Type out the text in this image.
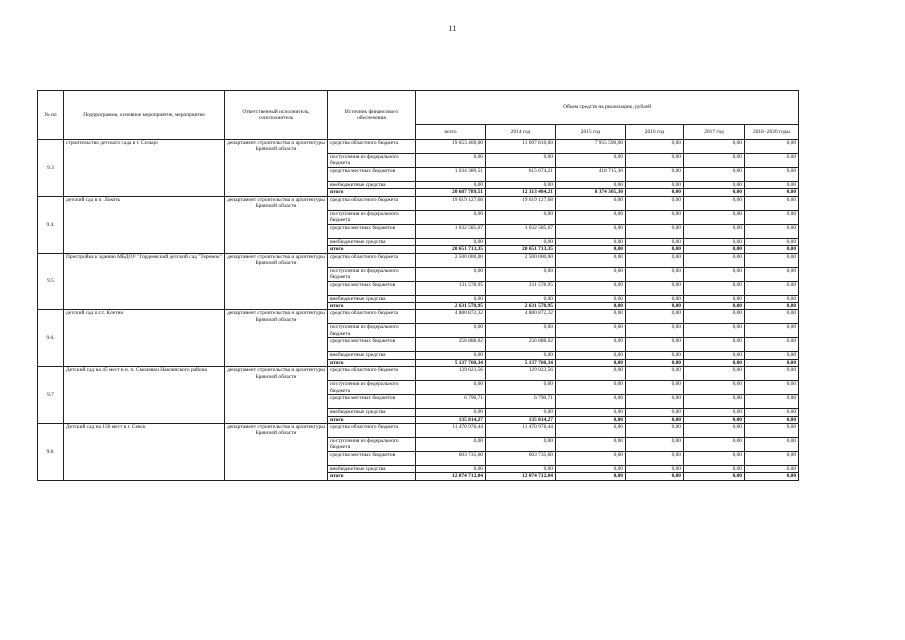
11
№ пп	Подпрограмма, основное мероприятие, мероприятие	Ответственный исполнитель, соисполнитель	Источник финансового обеспечения	Объем средств на реализацию, рублей					
				всего	2014 год	2015 год	2016 год	2017 год	2018 -2020 годы
9.3	строительство детского сада в г. Сельцо	департамент строительства и архитектуры Брянской области	средства областного бюджета	19 653 400,00	11 697 810,00	7 955 590,00	0,00	0,00	0,00
			поступления из федерального бюджета	0,00	0,00	0,00	0,00	0,00	0,00
			средства местных бюджетов	1 034 389,51	615 674,21	418 715,30	0,00	0,00	0,00
			внебюджетные средства	0,00	0,00	0,00	0,00	0,00	0,00
			итого	20 687 789,51	12 313 484,21	8 374 305,30	0,00	0,00	0,00
9.4.	детский сад в п. Локоть	департамент строительства и архитектуры Брянской области	средства областного бюджета	19 619 127,68	19 619 127,68	0,00	0,00	0,00	0,00
			поступления из федерального бюджета	0,00	0,00	0,00	0,00	0,00	0,00
			средства местных бюджетов	1 032 585,67	1 032 585,67	0,00	0,00	0,00	0,00
			внебюджетные средства	0,00	0,00	0,00	0,00	0,00	0,00
			итого	20 651 713,35	20 651 713,35	0,00	0,00	0,00	0,00
9.5	Пристройка к зданию МБДОУ "Гордеевский детский сад "Теремок"	департамент строительства и архитектуры Брянской области	средства областного бюджета	2 500 000,00	2 500 000,00	0,00	0,00	0,00	0,00
			поступления из федерального бюджета	0,00	0,00	0,00	0,00	0,00	0,00
			средства местных бюджетов	131 578,95	131 578,95	0,00	0,00	0,00	0,00
			внебюджетные средства	0,00	0,00	0,00	0,00	0,00	0,00
			итого	2 631 578,95	2 631 578,95	0,00	0,00	0,00	0,00
9.6.	детский сад п.г.т. Клетня	департамент строительства и архитектуры Брянской области	средства областного бюджета	4 880 872,32	4 880 872,32	0,00	0,00	0,00	0,00
			поступления из федерального бюджета	0,00	0,00	0,00	0,00	0,00	0,00
			средства местных бюджетов	256 888,02	256 888,02	0,00	0,00	0,00	0,00
			внебюджетные средства	0,00	0,00	0,00	0,00	0,00	0,00
			итого	5 137 760,34	5 137 760,34	0,00	0,00	0,00	0,00
9.7	Детский сад на 45 мест в н. п. Смолевки Навлинского района	департамент строительства и архитектуры Брянской области	средства областного бюджета	129 023,56	129 023,56	0,00	0,00	0,00	0,00
			поступления из федерального бюджета	0,00	0,00	0,00	0,00	0,00	0,00
			средства местных бюджетов	6 790,71	6 790,71	0,00	0,00	0,00	0,00
			внебюджетные средства	0,00	0,00	0,00	0,00	0,00	0,00
			итого	135 814,27	135 814,27	0,00	0,00	0,00	0,00
9.8.	Детский сад на 150 мест в г. Севск	департамент строительства и архитектуры Брянской области	средства областного бюджета	11 470 976,44	11 470 976,44	0,00	0,00	0,00	0,00
			поступления из федерального бюджета	0,00	0,00	0,00	0,00	0,00	0,00
			средства местных бюджетов	603 735,60	603 735,60	0,00	0,00	0,00	0,00
			внебюджетные средства	0,00	0,00	0,00	0,00	0,00	0,00
			итого	12 074 712,04	12 074 712,04	0,00	0,00	0,00	0,00
